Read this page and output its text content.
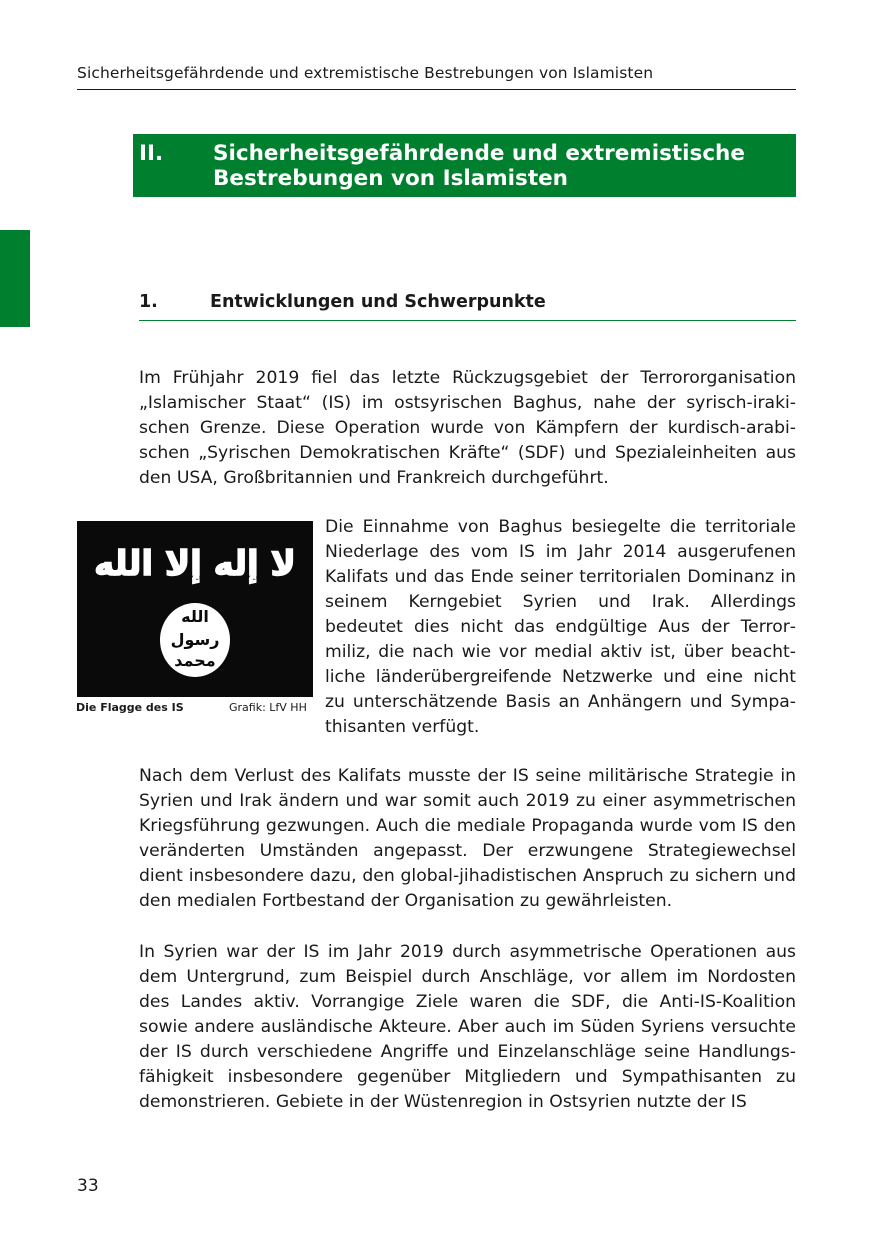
Sicherheitsgefährdende und extremistische Bestrebungen von Islamisten
II. Sicherheitsgefährdende und extremistische Bestrebungen von Islamisten
1.	Entwicklungen und Schwerpunkte

Im Frühjahr 2019 fiel das letzte Rückzugsgebiet der Terrororganisation „Islamischer Staat“ (IS) im ostsyrischen Baghus, nahe der syrisch-irakischen Grenze. Diese Operation wurde von Kämpfern der kurdisch-arabischen „Syrischen Demokratischen Kräfte“ (SDF) und Spezialeinheiten aus den USA, Großbritannien und Frankreich durchgeführt.

لا إله إلا الله
الله
رسول
محمد
Die Flagge des IS	Grafik: LfV HH

Die Einnahme von Baghus besiegelte die territoriale Niederlage des vom IS im Jahr 2014 ausgerufenen Kalifats und das Ende seiner territorialen Dominanz in seinem Kerngebiet Syrien und Irak. Allerdings bedeutet dies nicht das endgültige Aus der Terrormiliz, die nach wie vor medial aktiv ist, über beachtliche länderübergreifende Netzwerke und eine nicht zu unterschätzende Basis an Anhängern und Sympathisanten verfügt.

Nach dem Verlust des Kalifats musste der IS seine militärische Strategie in Syrien und Irak ändern und war somit auch 2019 zu einer asymmetrischen Kriegsführung gezwungen. Auch die mediale Propaganda wurde vom IS den veränderten Umständen angepasst. Der erzwungene Strategiewechsel dient insbesondere dazu, den global-jihadistischen Anspruch zu sichern und den medialen Fortbestand der Organisation zu gewährleisten.

In Syrien war der IS im Jahr 2019 durch asymmetrische Operationen aus dem Untergrund, zum Beispiel durch Anschläge, vor allem im Nordosten des Landes aktiv. Vorrangige Ziele waren die SDF, die Anti-IS-Koalition sowie andere ausländische Akteure. Aber auch im Süden Syriens versuchte der IS durch verschiedene Angriffe und Einzelanschläge seine Handlungsfähigkeit insbesondere gegenüber Mitgliedern und Sympathisanten zu demonstrieren. Gebiete in der Wüstenregion in Ostsyrien nutzte der IS

33
